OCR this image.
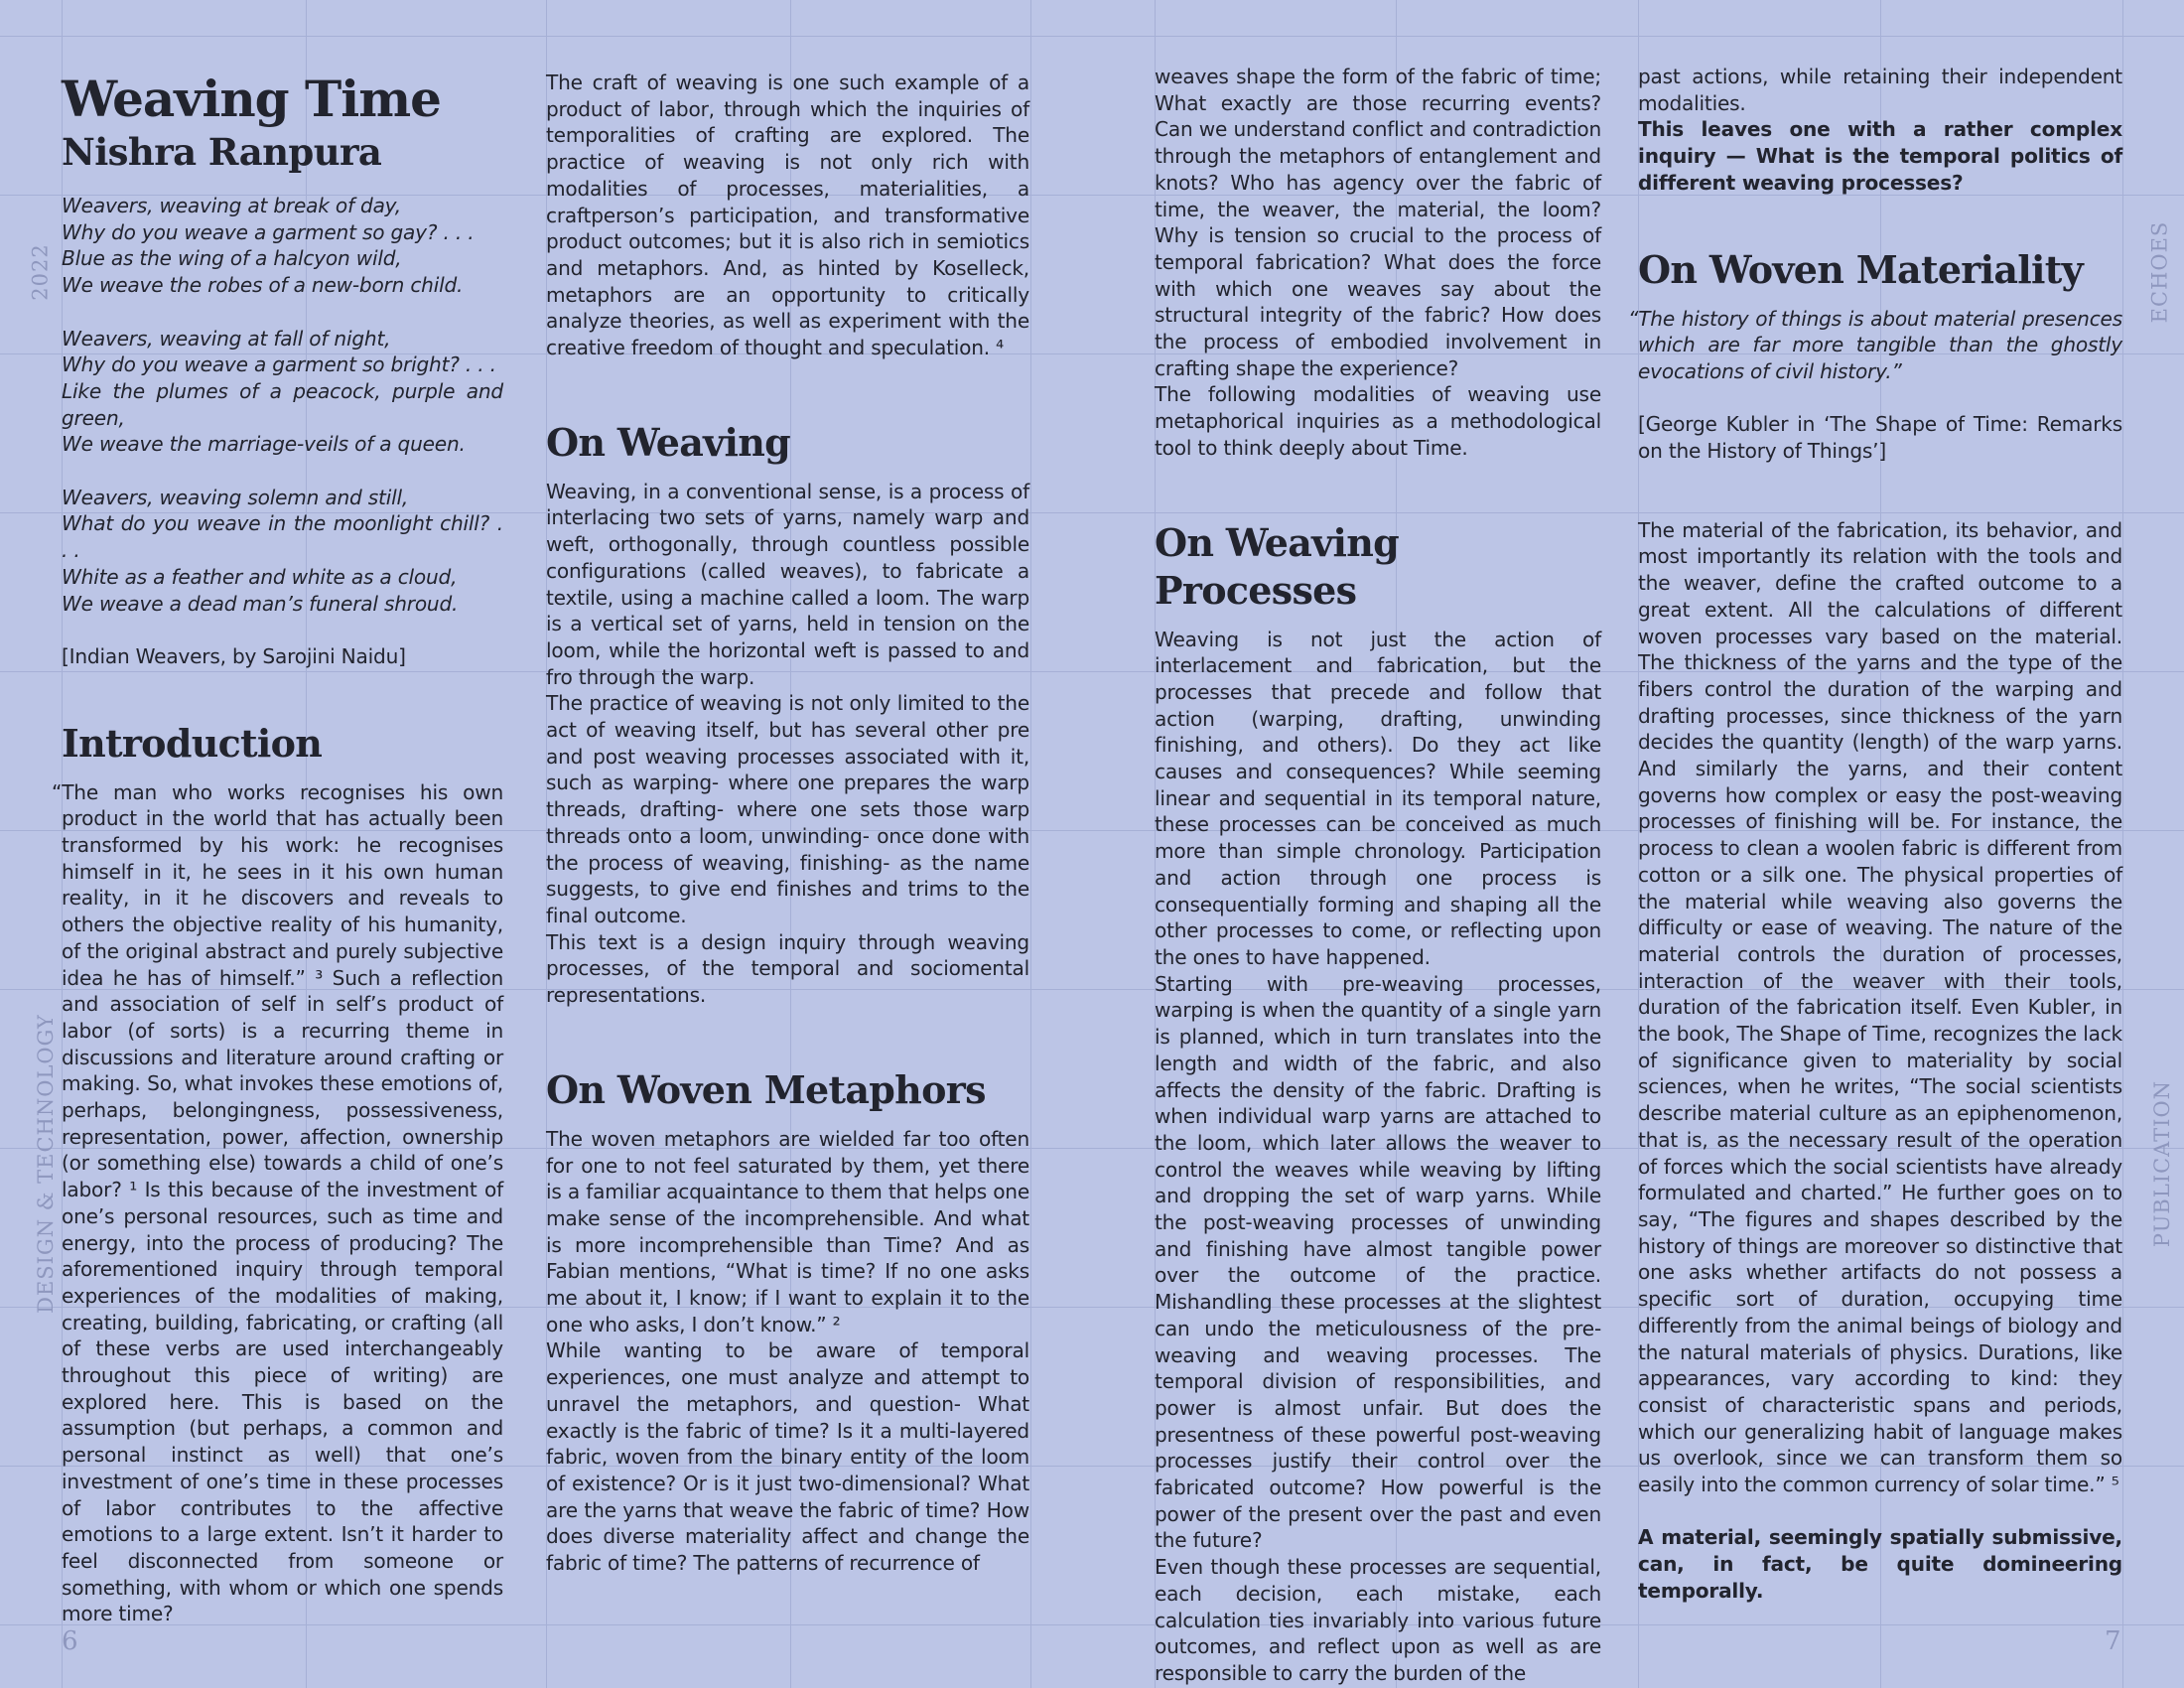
2022
DESIGN & TECHNOLOGY
ECHOES
PUBLICATION
6	7
Weaving Time
Nishra Ranpura

Weavers, weaving at break of day,

Why do you weave a garment so gay? . . .

Blue as the wing of a halcyon wild,

We weave the robes of a new-born child.

Weavers, weaving at fall of night,

Why do you weave a garment so bright? . . .

Like the plumes of a peacock, purple and green,

We weave the marriage-veils of a queen.

Weavers, weaving solemn and still,

What do you weave in the moonlight chill? . . .

White as a feather and white as a cloud,

We weave a dead man’s funeral shroud.

[Indian Weavers, by Sarojini Naidu]

Introduction

“The man who works recognises his own product in the world that has actually been transformed by his work: he recognises himself in it, he sees in it his own human reality, in it he discovers and reveals to others the objective reality of his humanity, of the original abstract and purely subjective idea he has of himself.” ³ Such a reflection and association of self in self’s product of labor (of sorts) is a recurring theme in discussions and literature around crafting or making. So, what invokes these emotions of, perhaps, belongingness, possessiveness, representation, power, affection, ownership (or something else) towards a child of one’s labor? ¹ Is this because of the investment of one’s personal resources, such as time and energy, into the process of producing? The aforementioned inquiry through temporal experiences of the modalities of making, creating, building, fabricating, or crafting (all of these verbs are used interchangeably throughout this piece of writing) are explored here. This is based on the assumption (but perhaps, a common and personal instinct as well) that one’s investment of one’s time in these processes of labor contributes to the affective emotions to a large extent. Isn’t it harder to feel disconnected from someone or something, with whom or which one spends more time?

The craft of weaving is one such example of a product of labor, through which the inquiries of temporalities of crafting are explored. The practice of weaving is not only rich with modalities of processes, materialities, a craftperson’s participation, and transformative product outcomes; but it is also rich in semiotics and metaphors. And, as hinted by Koselleck, metaphors are an opportunity to critically analyze theories, as well as experiment with the creative freedom of thought and speculation. ⁴

On Weaving

Weaving, in a conventional sense, is a process of interlacing two sets of yarns, namely warp and weft, orthogonally, through countless possible configurations (called weaves), to fabricate a textile, using a machine called a loom. The warp is a vertical set of yarns, held in tension on the loom, while the horizontal weft is passed to and fro through the warp.

The practice of weaving is not only limited to the act of weaving itself, but has several other pre and post weaving processes associated with it, such as warping- where one prepares the warp threads, drafting- where one sets those warp threads onto a loom, unwinding- once done with the process of weaving, finishing- as the name suggests, to give end finishes and trims to the final outcome.

This text is a design inquiry through weaving processes, of the temporal and sociomental representations.

On Woven Metaphors

The woven metaphors are wielded far too often for one to not feel saturated by them, yet there is a familiar acquaintance to them that helps one make sense of the incomprehensible. And what is more incomprehensible than Time? And as Fabian mentions, “What is time? If no one asks me about it, I know; if I want to explain it to the one who asks, I don’t know.” ²

While wanting to be aware of temporal experiences, one must analyze and attempt to unravel the metaphors, and question- What exactly is the fabric of time? Is it a multi-layered fabric, woven from the binary entity of the loom of existence? Or is it just two-dimensional? What are the yarns that weave the fabric of time? How does diverse materiality affect and change the fabric of time? The patterns of recurrence of

weaves shape the form of the fabric of time; What exactly are those recurring events? Can we understand conflict and contradiction through the metaphors of entanglement and knots? Who has agency over the fabric of time, the weaver, the material, the loom? Why is tension so crucial to the process of temporal fabrication? What does the force with which one weaves say about the structural integrity of the fabric? How does the process of embodied involvement in crafting shape the experience?

The following modalities of weaving use metaphorical inquiries as a methodological tool to think deeply about Time.

On Weaving Processes

Weaving is not just the action of interlacement and fabrication, but the processes that precede and follow that action (warping, drafting, unwinding finishing, and others). Do they act like causes and consequences? While seeming linear and sequential in its temporal nature, these processes can be conceived as much more than simple chronology. Participation and action through one process is consequentially forming and shaping all the other processes to come, or reflecting upon the ones to have happened.

Starting with pre-weaving processes, warping is when the quantity of a single yarn is planned, which in turn translates into the length and width of the fabric, and also affects the density of the fabric. Drafting is when individual warp yarns are attached to the loom, which later allows the weaver to control the weaves while weaving by lifting and dropping the set of warp yarns. While the post-weaving processes of unwinding and finishing have almost tangible power over the outcome of the practice. Mishandling these processes at the slightest can undo the meticulousness of the pre-weaving and weaving processes. The temporal division of responsibilities, and power is almost unfair. But does the presentness of these powerful post-weaving processes justify their control over the fabricated outcome? How powerful is the power of the present over the past and even the future?

Even though these processes are sequential, each decision, each mistake, each calculation ties invariably into various future outcomes, and reflect upon as well as are responsible to carry the burden of the

past actions, while retaining their independent modalities.

This leaves one with a rather complex inquiry — What is the temporal politics of different weaving processes?

On Woven Materiality

“The history of things is about material presences which are far more tangible than the ghostly evocations of civil history.”

[George Kubler in ‘The Shape of Time: Remarks on the History of Things’]

The material of the fabrication, its behavior, and most importantly its relation with the tools and the weaver, define the crafted outcome to a great extent. All the calculations of different woven processes vary based on the material. The thickness of the yarns and the type of the fibers control the duration of the warping and drafting processes, since thickness of the yarn decides the quantity (length) of the warp yarns. And similarly the yarns, and their content governs how complex or easy the post-weaving processes of finishing will be. For instance, the process to clean a woolen fabric is different from cotton or a silk one. The physical properties of the material while weaving also governs the difficulty or ease of weaving. The nature of the material controls the duration of processes, interaction of the weaver with their tools, duration of the fabrication itself. Even Kubler, in the book, The Shape of Time, recognizes the lack of significance given to materiality by social sciences, when he writes, “The social scientists describe material culture as an epiphenomenon, that is, as the necessary result of the operation of forces which the social scientists have already formulated and charted.” He further goes on to say, “The figures and shapes described by the history of things are moreover so distinctive that one asks whether artifacts do not possess a specific sort of duration, occupying time differently from the animal beings of biology and the natural materials of physics. Durations, like appearances, vary according to kind: they consist of characteristic spans and periods, which our generalizing habit of language makes us overlook, since we can transform them so easily into the common currency of solar time.” ⁵

A material, seemingly spatially submissive, can, in fact, be quite domineering temporally.
